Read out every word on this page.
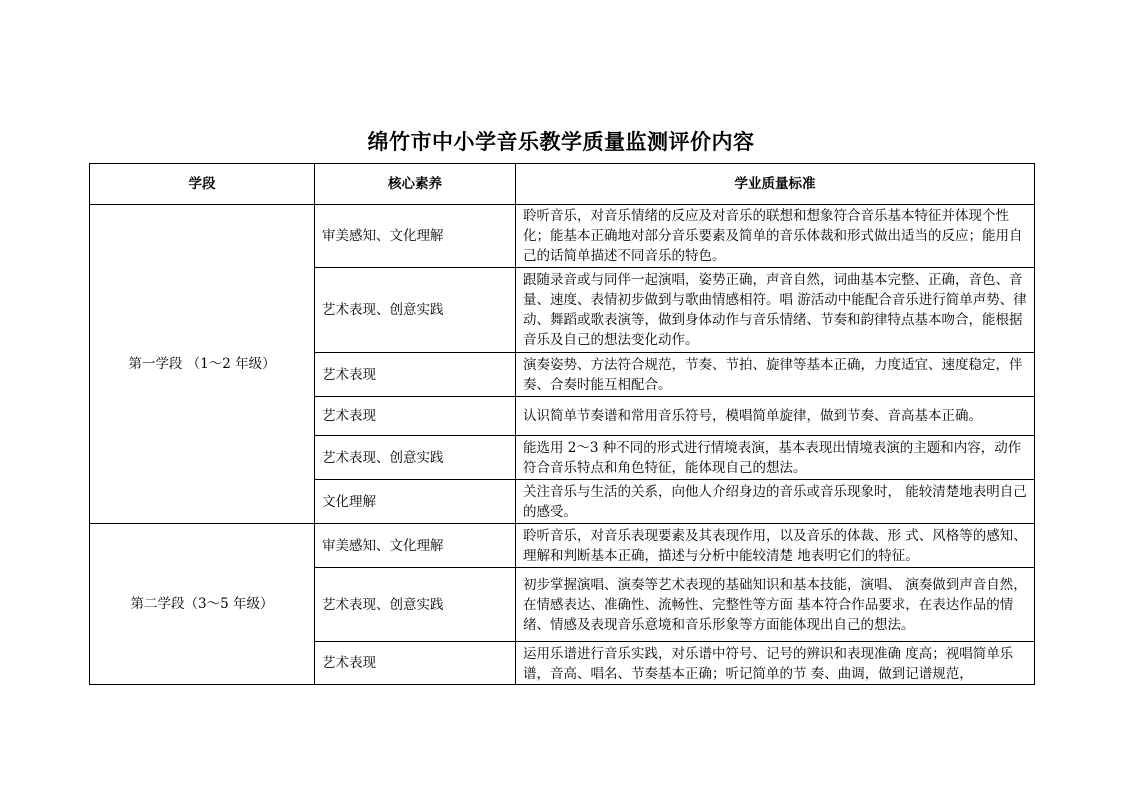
绵竹市中小学音乐教学质量监测评价内容
学段	核心素养	学业质量标准
第一学段 （1〜2 年级）	审美感知、文化理解	聆听音乐，对音乐情绪的反应及对音乐的联想和想象符合音乐基本特征并体现个性化；能基本正确地对部分音乐要素及简单的音乐体裁和形式做出适当的反应；能用自己的话简单描述不同音乐的特色。
	艺术表现、创意实践	跟随录音或与同伴一起演唱，姿势正确，声音自然，词曲基本完整、正确，音色、音量、速度、表情初步做到与歌曲情感相符。唱 游活动中能配合音乐进行简单声势、律动、舞蹈或歌表演等，做到身体动作与音乐情绪、节奏和韵律特点基本吻合，能根据音乐及自己的想法变化动作。
	艺术表现	演奏姿势、方法符合规范，节奏、节拍、旋律等基本正确，力度适宜、速度稳定，伴奏、合奏时能互相配合。
	艺术表现	认识简单节奏谱和常用音乐符号，模唱简单旋律，做到节奏、音高基本正确。
	艺术表现、创意实践	能选用 2〜3 种不同的形式进行情境表演，基本表现出情境表演的主题和内容，动作符合音乐特点和角色特征，能体现自己的想法。
	文化理解	关注音乐与生活的关系，向他人介绍身边的音乐或音乐现象时， 能较清楚地表明自己的感受。
第二学段（3〜5 年级）	审美感知、文化理解	聆听音乐，对音乐表现要素及其表现作用，以及音乐的体裁、形 式、风格等的感知、理解和判断基本正确，描述与分析中能较清楚 地表明它们的特征。
	艺术表现、创意实践	初步掌握演唱、演奏等艺术表现的基础知识和基本技能，演唱、 演奏做到声音自然，在情感表达、准确性、流畅性、完整性等方面 基本符合作品要求，在表达作品的情绪、情感及表现音乐意境和音乐形象等方面能体现出自己的想法。
	艺术表现	运用乐谱进行音乐实践，对乐谱中符号、记号的辨识和表现准确 度高；视唱简单乐谱，音高、唱名、节奏基本正确；听记简单的节 奏、曲调，做到记谱规范，
